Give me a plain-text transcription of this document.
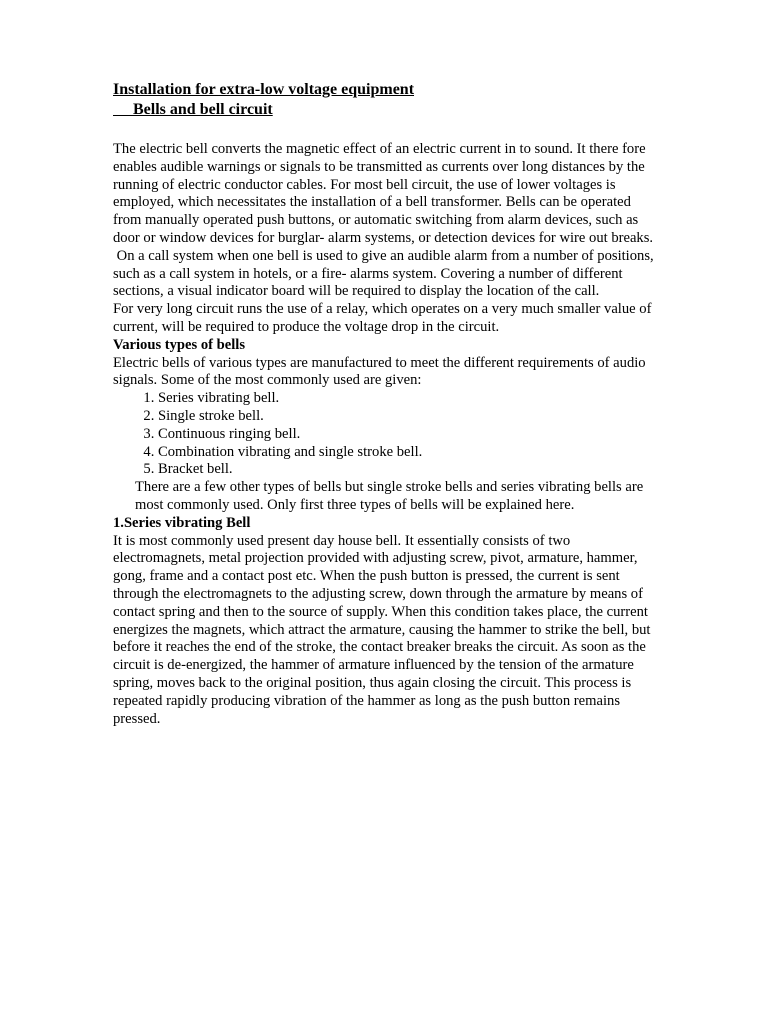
Installation for extra-low voltage equipment
Bells and bell circuit

The electric bell converts the magnetic effect of an electric current in to sound. It there fore enables audible warnings or signals to be transmitted as currents over long distances by the running of electric conductor cables. For most bell circuit, the use of lower voltages is employed, which necessitates the installation of a bell transformer. Bells can be operated from manually operated push buttons, or automatic switching from alarm devices, such as door or window devices for burglar- alarm systems, or detection devices for wire out breaks.

On a call system when one bell is used to give an audible alarm from a number of positions, such as a call system in hotels, or a fire- alarms system. Covering a number of different sections, a visual indicator board will be required to display the location of the call.

For very long circuit runs the use of a relay, which operates on a very much smaller value of current, will be required to produce the voltage drop in the circuit.

Various types of bells

Electric bells of various types are manufactured to meet the different requirements of audio signals. Some of the most commonly used are given:

1. Series vibrating bell.
2. Single stroke bell.
3. Continuous ringing bell.
4. Combination vibrating and single stroke bell.
5. Bracket bell.

There are a few other types of bells but single stroke bells and series vibrating bells are most commonly used. Only first three types of bells will be explained here.

1.Series vibrating Bell

It is most commonly used present day house bell. It essentially consists of two electromagnets, metal projection provided with adjusting screw, pivot, armature, hammer, gong, frame and a contact post etc. When the push button is pressed, the current is sent through the electromagnets to the adjusting screw, down through the armature by means of contact spring and then to the source of supply. When this condition takes place, the current energizes the magnets, which attract the armature, causing the hammer to strike the bell, but before it reaches the end of the stroke, the contact breaker breaks the circuit. As soon as the circuit is de-energized, the hammer of armature influenced by the tension of the armature spring, moves back to the original position, thus again closing the circuit. This process is repeated rapidly producing vibration of the hammer as long as the push button remains pressed.
